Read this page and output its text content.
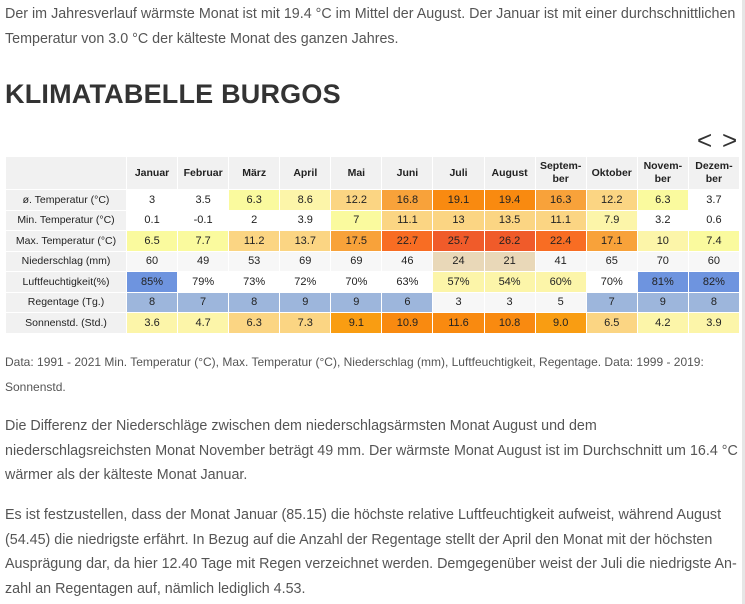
Der im Jahresverlauf wärmste Monat ist mit 19.4 °C im Mittel der August. Der Januar ist mit einer durchschnittlichen Temperatur von 3.0 °C der kälteste Monat des ganzen Jahres.

KLIMATABELLE BURGOS
< >
	Januar	Februar	März	April	Mai	Juni	Juli	August	Septem- ber	Oktober	Novem- ber	Dezem- ber
ø. Temperatur (°C)	3	3.5	6.3	8.6	12.2	16.8	19.1	19.4	16.3	12.2	6.3	3.7
Min. Temperatur (°C)	0.1	-0.1	2	3.9	7	11.1	13	13.5	11.1	7.9	3.2	0.6
Max. Temperatur (°C)	6.5	7.7	11.2	13.7	17.5	22.7	25.7	26.2	22.4	17.1	10	7.4
Niederschlag (mm)	60	49	53	69	69	46	24	21	41	65	70	60
Luftfeuchtigkeit(%)	85%	79%	73%	72%	70%	63%	57%	54%	60%	70%	81%	82%
Regentage (Tg.)	8	7	8	9	9	6	3	3	5	7	9	8
Sonnenstd. (Std.)	3.6	4.7	6.3	7.3	9.1	10.9	11.6	10.8	9.0	6.5	4.2	3.9

Data: 1991 - 2021 Min. Temperatur (°C), Max. Temperatur (°C), Niederschlag (mm), Luftfeuchtigkeit, Regentage. Data: 1999 - 2019: Sonnenstd.

Die Differenz der Niederschläge zwischen dem niederschlagsärmsten Monat August und dem niederschlagsreichsten Monat November beträgt 49 mm. Der wärmste Monat August ist im Durchschnitt um 16.4 °C wärmer als der kälteste Monat Januar.

Es ist festzustellen, dass der Monat Januar (85.15) die höchste relative Luftfeuchtigkeit aufweist, während August (54.45) die niedrigste erfährt. In Bezug auf die Anzahl der Regentage stellt der April den Monat mit der höchsten Ausprägung dar, da hier 12.40 Tage mit Regen verzeichnet werden. Demgegenüber weist der Juli die niedrigste An- zahl an Regentagen auf, nämlich lediglich 4.53.
